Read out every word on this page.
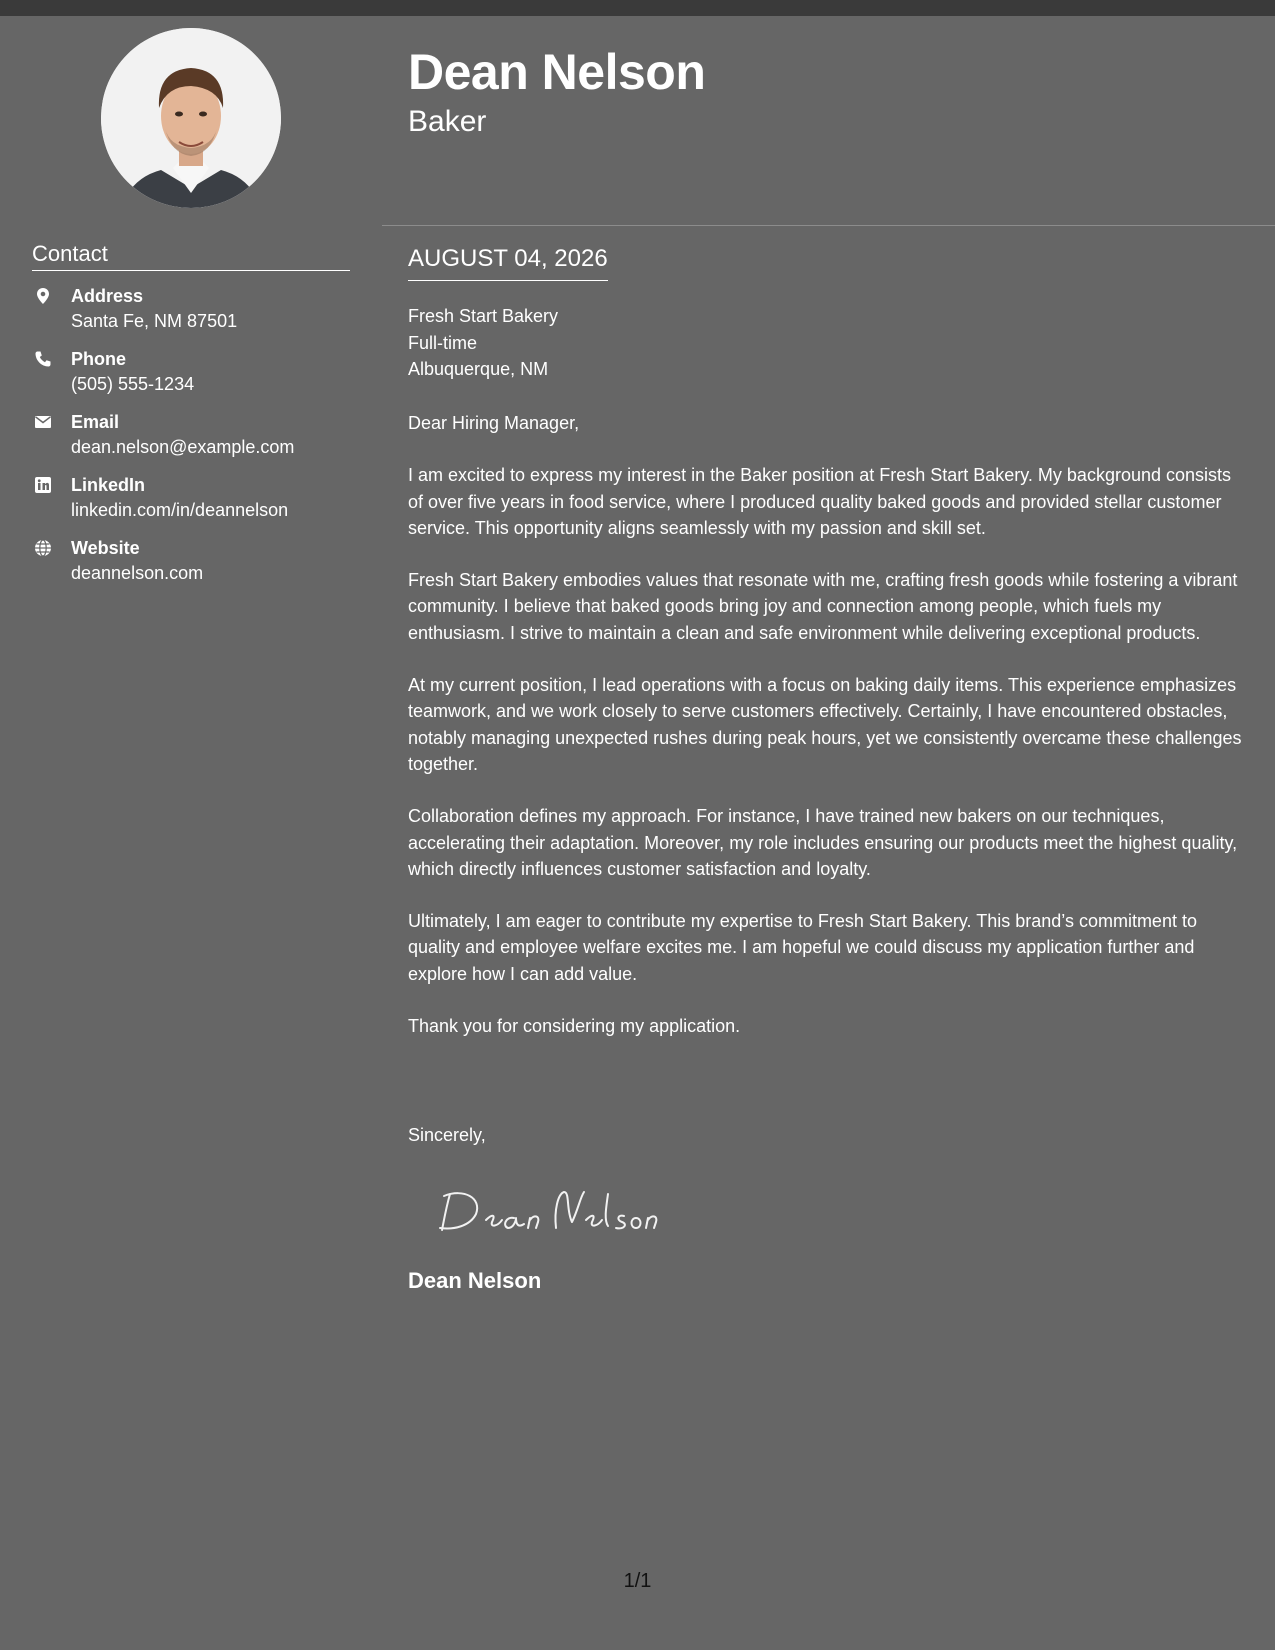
Dean Nelson
Baker
Contact
Address
Santa Fe, NM 87501
Phone
(505) 555-1234
Email
dean.nelson@example.com
LinkedIn
linkedin.com/in/deannelson
Website
deannelson.com
AUGUST 04, 2026
Fresh Start Bakery
Full-time
Albuquerque, NM

Dear Hiring Manager,

I am excited to express my interest in the Baker position at Fresh Start Bakery. My background consists of over five years in food service, where I produced quality baked goods and provided stellar customer service. This opportunity aligns seamlessly with my passion and skill set.

Fresh Start Bakery embodies values that resonate with me, crafting fresh goods while fostering a vibrant community. I believe that baked goods bring joy and connection among people, which fuels my enthusiasm. I strive to maintain a clean and safe environment while delivering exceptional products.

At my current position, I lead operations with a focus on baking daily items. This experience emphasizes teamwork, and we work closely to serve customers effectively. Certainly, I have encountered obstacles, notably managing unexpected rushes during peak hours, yet we consistently overcame these challenges together.

Collaboration defines my approach. For instance, I have trained new bakers on our techniques, accelerating their adaptation. Moreover, my role includes ensuring our products meet the highest quality, which directly influences customer satisfaction and loyalty.

Ultimately, I am eager to contribute my expertise to Fresh Start Bakery. This brand’s commitment to quality and employee welfare excites me. I am hopeful we could discuss my application further and explore how I can add value.

Thank you for considering my application.

Sincerely,
Dean Nelson
1/1
